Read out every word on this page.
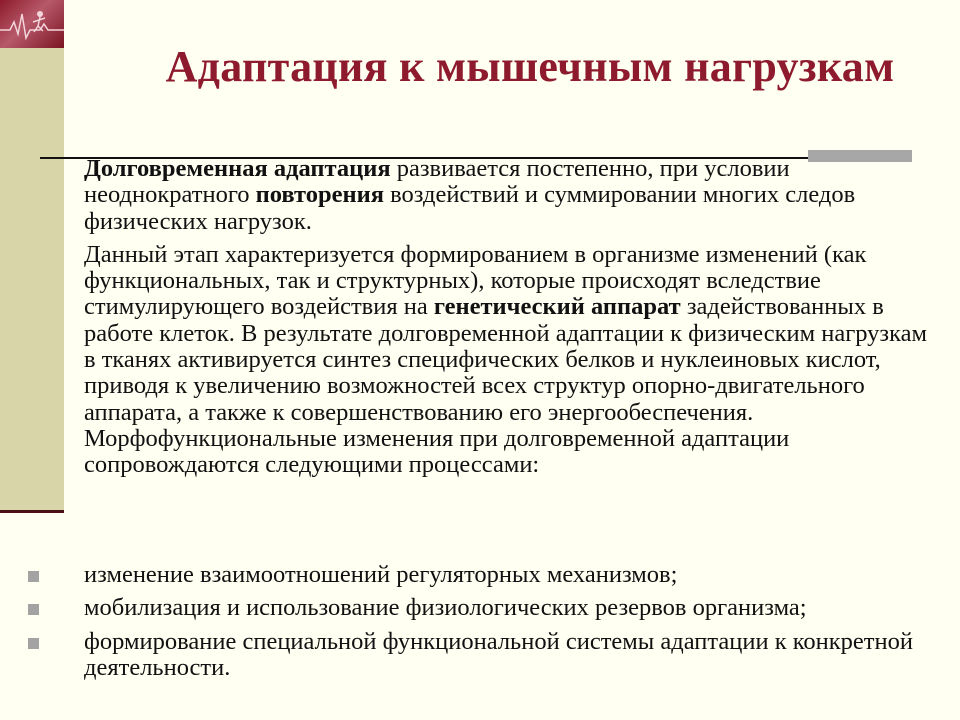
Адаптация к мышечным нагрузкам

Долговременная адаптация развивается постепенно, при условии неоднократного повторения воздействий и суммировании многих следов физических нагрузок.

Данный этап характеризуется формированием в организме изменений (как функциональных, так и структурных), которые происходят вследствие стимулирующего воздействия на генетический аппарат задействованных в работе клеток. В результате долговременной адаптации к физическим нагрузкам в тканях активируется синтез специфических белков и нуклеиновых кислот, приводя к увеличению возможностей всех структур опорно-двигательного аппарата, а также к совершенствованию его энергообеспечения. Морфофункциональные изменения при долговременной адаптации сопровождаются следующими процессами:

изменение взаимоотношений регуляторных механизмов;
мобилизация и использование физиологических резервов организма;
формирование специальной функциональной системы адаптации к конкретной деятельности.
